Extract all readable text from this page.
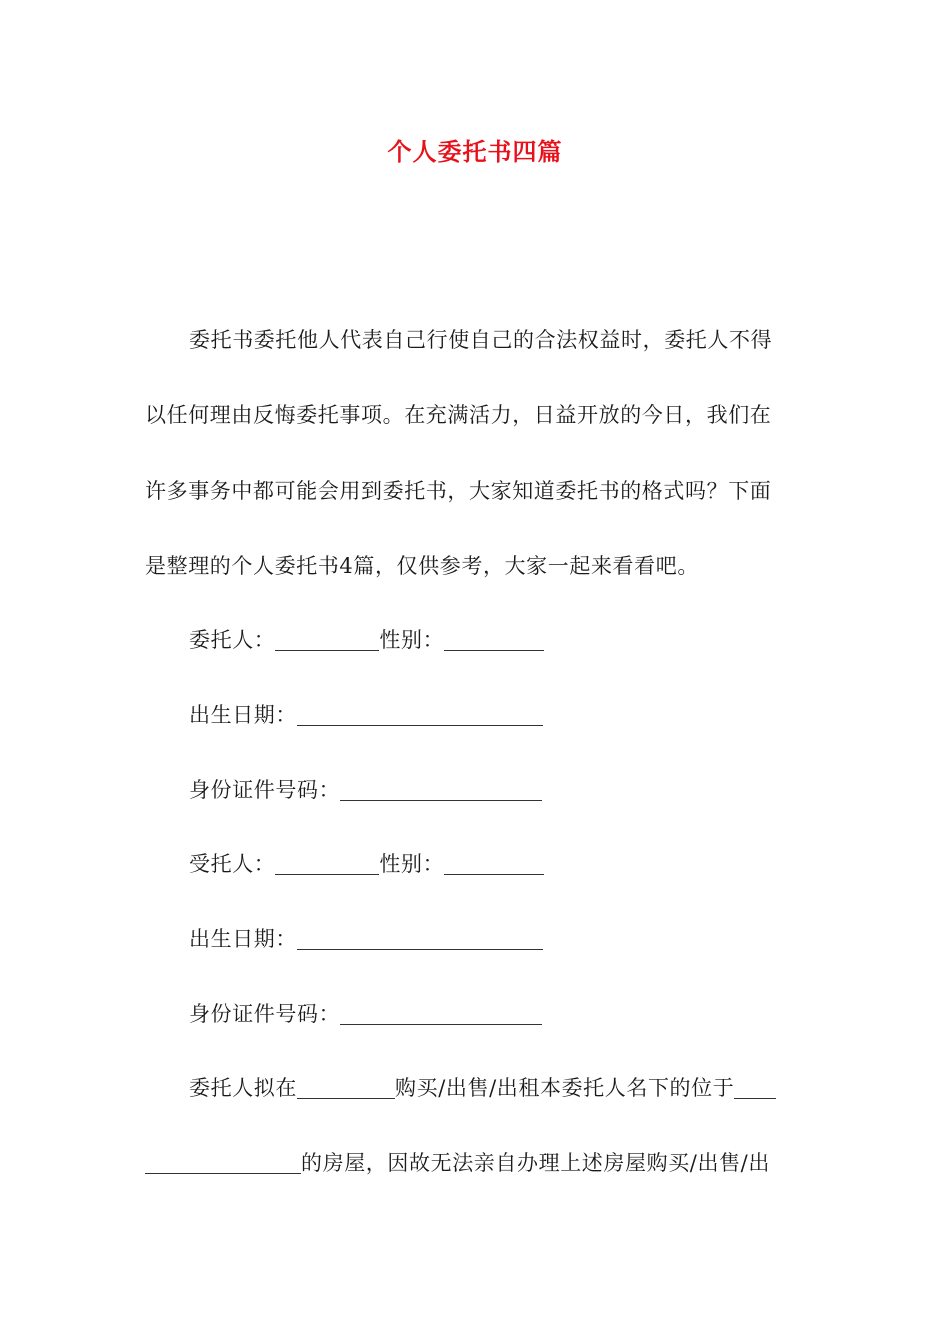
个人委托书四篇
委托书委托他人代表自己行使自己的合法权益时，委托人不得
以任何理由反悔委托事项。在充满活力，日益开放的今日，我们在
许多事务中都可能会用到委托书，大家知道委托书的格式吗？下面
是整理的个人委托书4篇，仅供参考，大家一起来看看吧。
委托人：	性别：
出生日期：
身份证件号码：
受托人：	性别：
出生日期：
身份证件号码：
委托人拟在	购买/出售/出租本委托人名下的位于
的房屋，因故无法亲自办理上述房屋购买/出售/出
